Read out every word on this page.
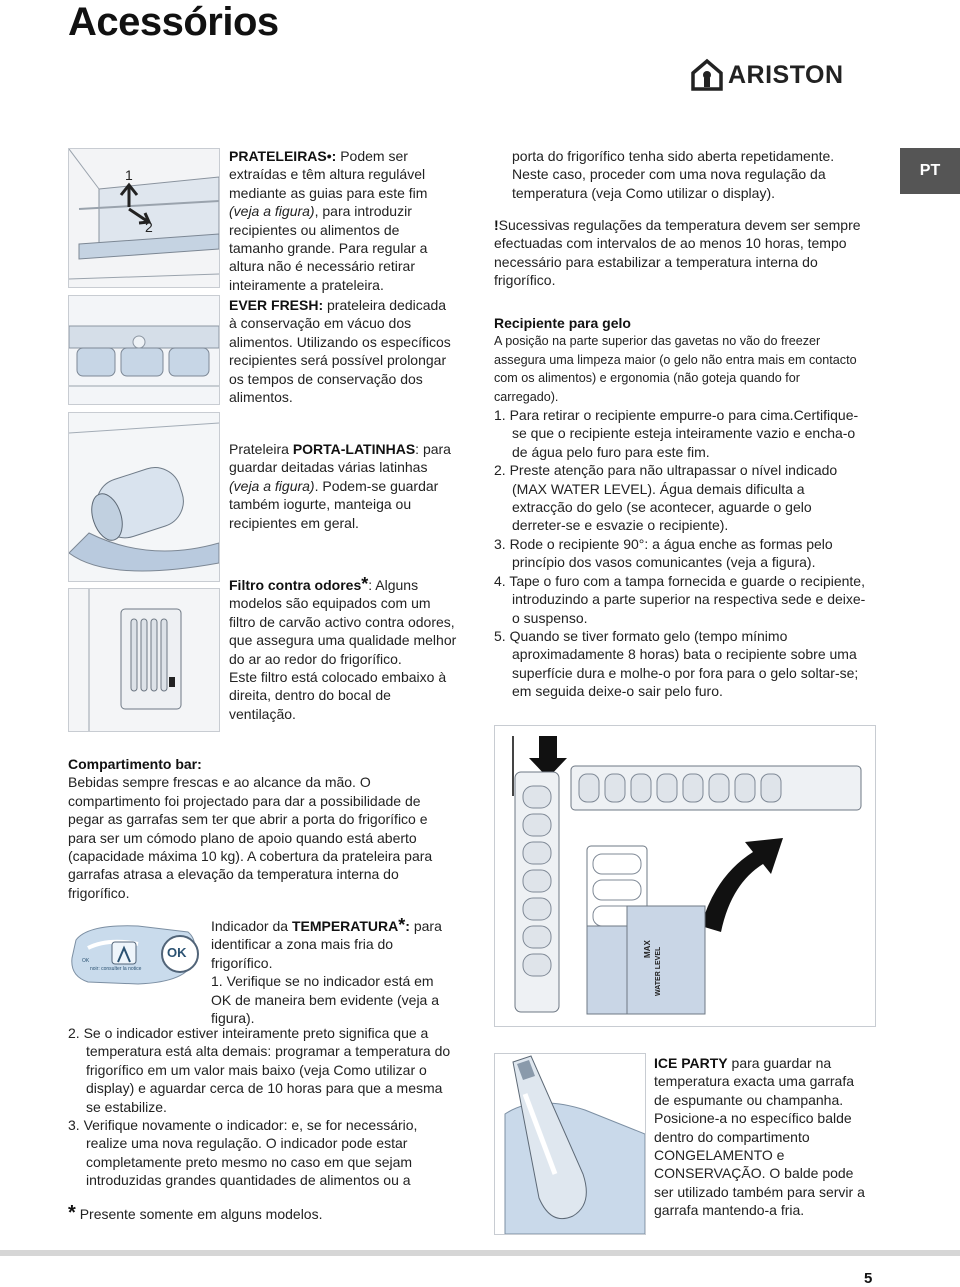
Acessórios
ARISTON
PT
1
2

PRATELEIRAS•: Podem ser extraídas e têm altura regulável mediante as guias para este fim (veja a figura), para introduzir recipientes ou alimentos de tamanho grande. Para regular a altura não é necessário retirar inteiramente a prateleira.

EVER FRESH: prateleira dedicada à conservação em vácuo dos alimentos. Utilizando os específicos recipientes será possível prolongar os tempos de conservação dos alimentos.

Prateleira PORTA-LATINHAS: para guardar deitadas várias latinhas (veja a figura). Podem-se guardar também iogurte, manteiga ou recipientes em geral.

Filtro contra odores*: Alguns modelos são equipados com um filtro de carvão activo contra odores, que assegura uma qualidade melhor do ar ao redor do frigorífico.

Este filtro está colocado embaixo à direita, dentro do bocal de ventilação.

Compartimento bar:

Bebidas sempre frescas e ao alcance da mão. O compartimento foi projectado para dar a possibilidade de pegar as garrafas sem ter que abrir a porta do frigorífico e para ser um cómodo plano de apoio quando está aberto (capacidade máxima 10 kg). A cobertura da prateleira para garrafas atrasa a elevação da temperatura interna do frigorífico.

OK
noir: consulter la notice
OK

Indicador da TEMPERATURA*: para identificar a zona mais fria do frigorífico.

1. Verifique se no indicador está em OK de maneira bem evidente (veja a figura).

2. Se o indicador estiver inteiramente preto significa que a temperatura está alta demais: programar a temperatura do frigorífico em um valor mais baixo (veja Como utilizar o display) e aguardar cerca de 10 horas para que a mesma se estabilize.

3. Verifique novamente o indicador: e, se for necessário, realize uma nova regulação. O indicador pode estar completamente preto mesmo no caso em que sejam introduzidas grandes quantidades de alimentos ou a

* Presente somente em alguns modelos.

porta do frigorífico tenha sido aberta repetidamente. Neste caso, proceder com uma nova regulação da temperatura (veja Como utilizar o display).

!Sucessivas regulações da temperatura devem ser sempre efectuadas com intervalos de ao menos 10 horas, tempo necessário para estabilizar a temperatura interna do frigorífico.

Recipiente para gelo

A posição na parte superior das gavetas no vão do freezer assegura uma limpeza maior (o gelo não entra mais em contacto com os alimentos) e ergonomia (não goteja quando for carregado).

1. Para retirar o recipiente empurre-o para cima.Certifique-se que o recipiente esteja inteiramente vazio e encha-o de água pelo furo para este fim.

2. Preste atenção para não ultrapassar o nível indicado (MAX WATER LEVEL). Água demais dificulta a extracção do gelo (se acontecer, aguarde o gelo derreter-se e esvazie o recipiente).

3. Rode o recipiente 90°: a água enche as formas pelo princípio dos vasos comunicantes (veja a figura).

4. Tape o furo com a tampa fornecida e guarde o recipiente, introduzindo a parte superior na respectiva sede e deixe-o suspenso.

5. Quando se tiver formato gelo (tempo mínimo aproximadamente 8 horas) bata o recipiente sobre uma superfície dura e molhe-o por fora para o gelo soltar-se; em seguida deixe-o sair pelo furo.

MAX WATER LEVEL

ICE PARTY para guardar na temperatura exacta uma garrafa de espumante ou champanha. Posicione-a no específico balde dentro do compartimento CONGELAMENTO e CONSERVAÇÃO. O balde pode ser utilizado também para servir a garrafa mantendo-a fria.

5
